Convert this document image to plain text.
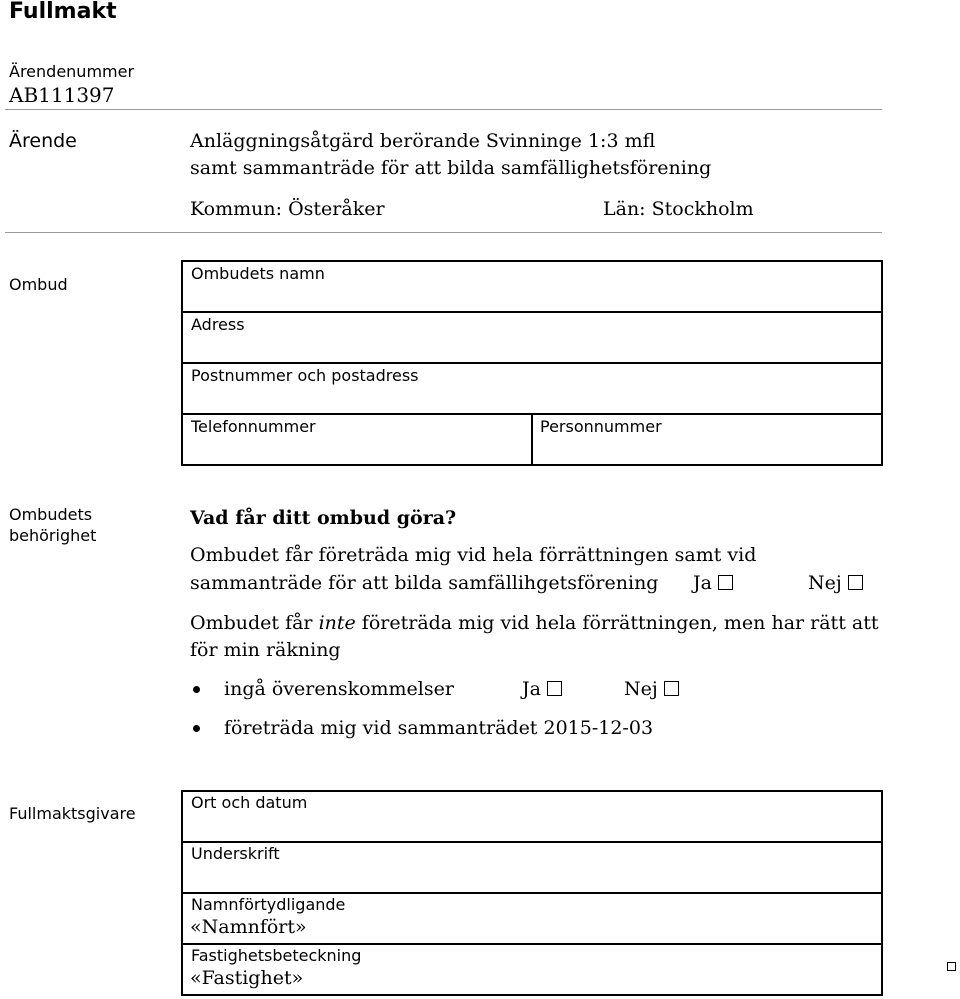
Fullmakt
Ärendenummer
AB111397
Ärende	Anläggningsåtgärd berörande Svinninge 1:3 mfl
samt sammanträde för att bilda samfällighetsförening
Kommun: Österåker	Län: Stockholm
Ombud
Ombudets namn
Adress
Postnummer och postadress
Telefonnummer	Personnummer
Ombudets
behörighet
Vad får ditt ombud göra?
Ombudet får företräda mig vid hela förrättningen samt vid
sammanträde för att bilda samfällihgetsförening Ja	Nej
Ombudet får inte företräda mig vid hela förrättningen, men har rätt att
för min räkning
ingå överenskommelser	Ja	Nej
företräda mig vid sammanträdet 2015-12-03
Fullmaktsgivare
Ort och datum
Underskrift
Namnförtydligande
«Namnfört»
Fastighetsbeteckning
«Fastighet»
